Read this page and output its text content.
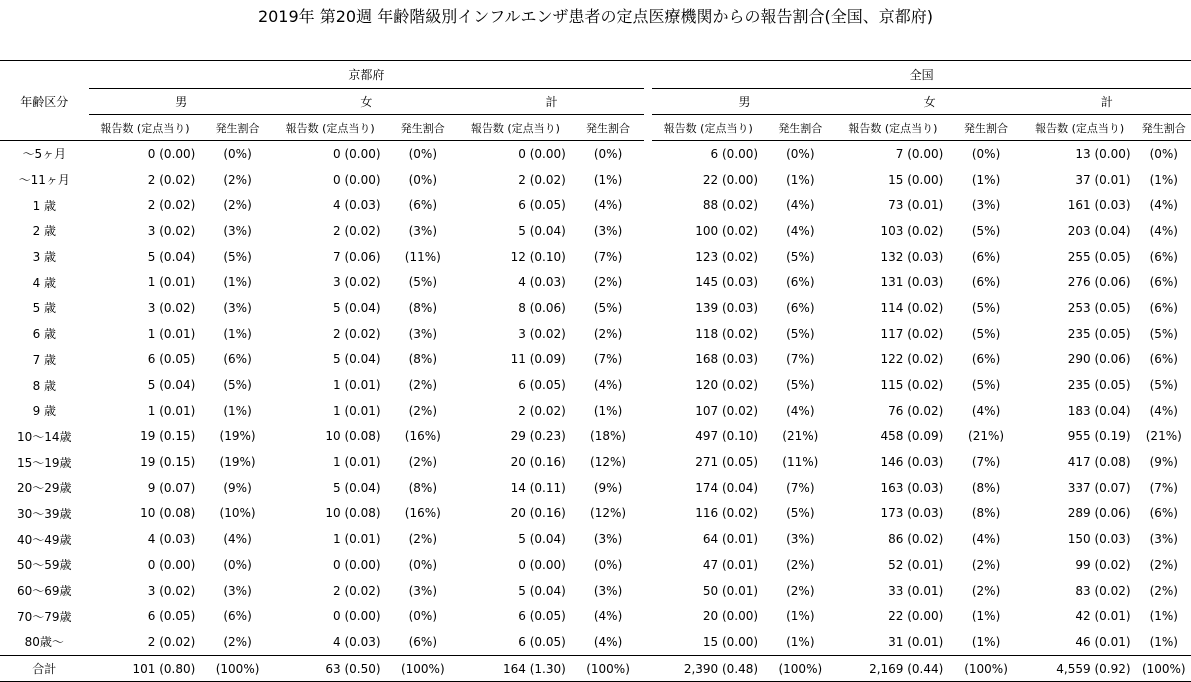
2019年 第20週 年齢階級別インフルエンザ患者の定点医療機関からの報告割合(全国、京都府)
	京都府							全国					
年齢区分	男		女		計			男		女		計	
	報告数 (定点当り)	発生割合	報告数 (定点当り)	発生割合	報告数 (定点当り)	発生割合		報告数 (定点当り)	発生割合	報告数 (定点当り)	発生割合	報告数 (定点当り)	発生割合
～5ヶ月	0 (0.00)	(0%)	0 (0.00)	(0%)	0 (0.00)	(0%)		6 (0.00)	(0%)	7 (0.00)	(0%)	13 (0.00)	(0%)
～11ヶ月	2 (0.02)	(2%)	0 (0.00)	(0%)	2 (0.02)	(1%)		22 (0.00)	(1%)	15 (0.00)	(1%)	37 (0.01)	(1%)
1 歳	2 (0.02)	(2%)	4 (0.03)	(6%)	6 (0.05)	(4%)		88 (0.02)	(4%)	73 (0.01)	(3%)	161 (0.03)	(4%)
2 歳	3 (0.02)	(3%)	2 (0.02)	(3%)	5 (0.04)	(3%)		100 (0.02)	(4%)	103 (0.02)	(5%)	203 (0.04)	(4%)
3 歳	5 (0.04)	(5%)	7 (0.06)	(11%)	12 (0.10)	(7%)		123 (0.02)	(5%)	132 (0.03)	(6%)	255 (0.05)	(6%)
4 歳	1 (0.01)	(1%)	3 (0.02)	(5%)	4 (0.03)	(2%)		145 (0.03)	(6%)	131 (0.03)	(6%)	276 (0.06)	(6%)
5 歳	3 (0.02)	(3%)	5 (0.04)	(8%)	8 (0.06)	(5%)		139 (0.03)	(6%)	114 (0.02)	(5%)	253 (0.05)	(6%)
6 歳	1 (0.01)	(1%)	2 (0.02)	(3%)	3 (0.02)	(2%)		118 (0.02)	(5%)	117 (0.02)	(5%)	235 (0.05)	(5%)
7 歳	6 (0.05)	(6%)	5 (0.04)	(8%)	11 (0.09)	(7%)		168 (0.03)	(7%)	122 (0.02)	(6%)	290 (0.06)	(6%)
8 歳	5 (0.04)	(5%)	1 (0.01)	(2%)	6 (0.05)	(4%)		120 (0.02)	(5%)	115 (0.02)	(5%)	235 (0.05)	(5%)
9 歳	1 (0.01)	(1%)	1 (0.01)	(2%)	2 (0.02)	(1%)		107 (0.02)	(4%)	76 (0.02)	(4%)	183 (0.04)	(4%)
10～14歳	19 (0.15)	(19%)	10 (0.08)	(16%)	29 (0.23)	(18%)		497 (0.10)	(21%)	458 (0.09)	(21%)	955 (0.19)	(21%)
15～19歳	19 (0.15)	(19%)	1 (0.01)	(2%)	20 (0.16)	(12%)		271 (0.05)	(11%)	146 (0.03)	(7%)	417 (0.08)	(9%)
20～29歳	9 (0.07)	(9%)	5 (0.04)	(8%)	14 (0.11)	(9%)		174 (0.04)	(7%)	163 (0.03)	(8%)	337 (0.07)	(7%)
30～39歳	10 (0.08)	(10%)	10 (0.08)	(16%)	20 (0.16)	(12%)		116 (0.02)	(5%)	173 (0.03)	(8%)	289 (0.06)	(6%)
40～49歳	4 (0.03)	(4%)	1 (0.01)	(2%)	5 (0.04)	(3%)		64 (0.01)	(3%)	86 (0.02)	(4%)	150 (0.03)	(3%)
50～59歳	0 (0.00)	(0%)	0 (0.00)	(0%)	0 (0.00)	(0%)		47 (0.01)	(2%)	52 (0.01)	(2%)	99 (0.02)	(2%)
60～69歳	3 (0.02)	(3%)	2 (0.02)	(3%)	5 (0.04)	(3%)		50 (0.01)	(2%)	33 (0.01)	(2%)	83 (0.02)	(2%)
70～79歳	6 (0.05)	(6%)	0 (0.00)	(0%)	6 (0.05)	(4%)		20 (0.00)	(1%)	22 (0.00)	(1%)	42 (0.01)	(1%)
80歳～	2 (0.02)	(2%)	4 (0.03)	(6%)	6 (0.05)	(4%)		15 (0.00)	(1%)	31 (0.01)	(1%)	46 (0.01)	(1%)
合計	101 (0.80)	(100%)	63 (0.50)	(100%)	164 (1.30)	(100%)		2,390 (0.48)	(100%)	2,169 (0.44)	(100%)	4,559 (0.92)	(100%)
